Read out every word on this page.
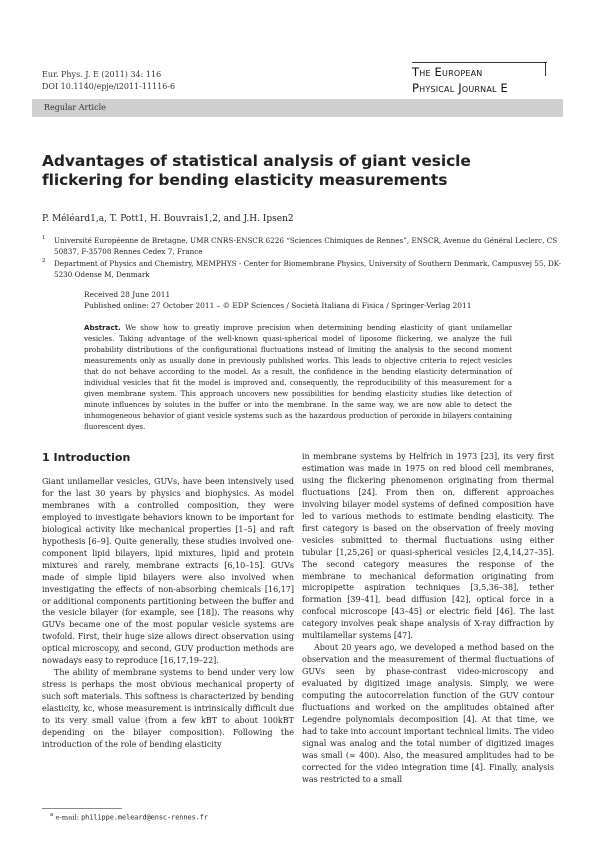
Eur. Phys. J. E (2011) 34: 116
DOI 10.1140/epje/i2011-11116-6
The European
Physical Journal E
Regular Article
Advantages of statistical analysis of giant vesicle flickering for bending elasticity measurements
P. Méléard1,a, T. Pott1, H. Bouvrais1,2, and J.H. Ipsen2
1 Université Européenne de Bretagne, UMR CNRS-ENSCR 6226 “Sciences Chimiques de Rennes”, ENSCR, Avenue du Général Leclerc, CS 50837, F-35708 Rennes Cedex 7, France
2 Department of Physics and Chemistry, MEMPHYS - Center for Biomembrane Physics, University of Southern Denmark, Campusvej 55, DK-5230 Odense M, Denmark
Received 28 June 2011
Published online: 27 October 2011 – © EDP Sciences / Società Italiana di Fisica / Springer-Verlag 2011
Abstract. We show how to greatly improve precision when determining bending elasticity of giant unilamellar vesicles. Taking advantage of the well-known quasi-spherical model of liposome flickering, we analyze the full probability distributions of the configurational fluctuations instead of limiting the analysis to the second moment measurements only as usually done in previously published works. This leads to objective criteria to reject vesicles that do not behave according to the model. As a result, the confidence in the bending elasticity determination of individual vesicles that fit the model is improved and, consequently, the reproducibility of this measurement for a given membrane system. This approach uncovers new possibilities for bending elasticity studies like detection of minute influences by solutes in the buffer or into the membrane. In the same way, we are now able to detect the inhomogeneous behavior of giant vesicle systems such as the hazardous production of peroxide in bilayers containing fluorescent dyes.
1 Introduction

Giant unilamellar vesicles, GUVs, have been intensively used for the last 30 years by physics and biophysics. As model membranes with a controlled composition, they were employed to investigate behaviors known to be important for biological activity like mechanical properties [1–5] and raft hypothesis [6–9]. Quite generally, these studies involved one-component lipid bilayers, lipid mixtures, lipid and protein mixtures and rarely, membrane extracts [6,10–15]. GUVs made of simple lipid bilayers were also involved when investigating the effects of non-absorbing chemicals [16,17] or additional components partitioning between the buffer and the vesicle bilayer (for example, see [18]). The reasons why GUVs became one of the most popular vesicle systems are twofold. First, their huge size allows direct observation using optical microscopy, and second, GUV production methods are nowadays easy to reproduce [16,17,19–22].

The ability of membrane systems to bend under very low stress is perhaps the most obvious mechanical property of such soft materials. This softness is characterized by bending elasticity, kc, whose measurement is intrinsically difficult due to its very small value (from a few kBT to about 100kBT depending on the bilayer composition). Following the introduction of the role of bending elasticity

in membrane systems by Helfrich in 1973 [23], its very first estimation was made in 1975 on red blood cell membranes, using the flickering phenomenon originating from thermal fluctuations [24]. From then on, different approaches involving bilayer model systems of defined composition have led to various methods to estimate bending elasticity. The first category is based on the observation of freely moving vesicles submitted to thermal fluctuations using either tubular [1,25,26] or quasi-spherical vesicles [2,4,14,27–35]. The second category measures the response of the membrane to mechanical deformation originating from micropipette aspiration techniques [3,5,36–38], tether formation [39–41], bead diffusion [42], optical force in a confocal microscope [43–45] or electric field [46]. The last category involves peak shape analysis of X-ray diffraction by multilamellar systems [47].

About 20 years ago, we developed a method based on the observation and the measurement of thermal fluctuations of GUVs seen by phase-contrast video-microscopy and evaluated by digitized image analysis. Simply, we were computing the autocorrelation function of the GUV contour fluctuations and worked on the amplitudes obtained after Legendre polynomials decomposition [4]. At that time, we had to take into account important technical limits. The video signal was analog and the total number of digitized images was small (≈ 400). Also, the measured amplitudes had to be corrected for the video integration time [4]. Finally, analysis was restricted to a small

$^a$ e-mail: philippe.meleard@ensc-rennes.fr
